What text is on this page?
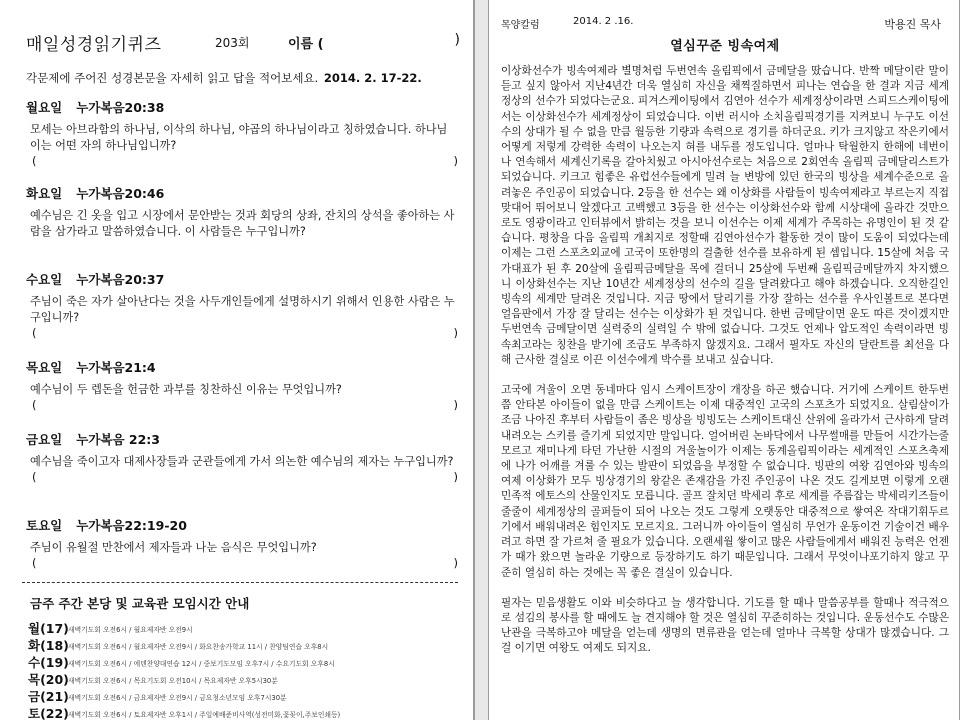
매일성경읽기퀴즈	203회	이름 (	)
각문제에 주어진 성경본문을 자세히 읽고 답을 적어보세요. 2014. 2. 17-22.
월요일 누가복음20:38
모세는 아브라함의 하나님, 이삭의 하나님, 야곱의 하나님이라고 칭하였습니다. 하나님이는 어떤 자의 하나님입니까?
(	)
화요일 누가복음20:46
예수님은 긴 옷을 입고 시장에서 문안받는 것과 회당의 상좌, 잔치의 상석을 좋아하는 사람을 삼가라고 말씀하였습니다. 이 사람들은 누구입니까?
수요일 누가복음20:37
주님이 죽은 자가 살아난다는 것을 사두개인들에게 설명하시기 위해서 인용한 사람은 누구입니까?
(	)
목요일 누가복음21:4
예수님이 두 렙돈을 헌금한 과부를 칭찬하신 이유는 무엇입니까?
(	)
금요일 누가복음 22:3
예수님을 죽이고자 대제사장들과 군관들에게 가서 의논한 예수님의 제자는 누구입니까?
(	)
토요일 누가복음22:19-20
주님이 유월절 만찬에서 제자들과 나눈 음식은 무엇입니까?
(	)
금주 주간 본당 및 교육관 모임시간 안내
월(17)새벽기도회 오전6시 / 월요제자반 오전9시
화(18)새벽기도회 오전6시 / 월요제자반 오전9시 / 화요찬송가학교 11시 / 찬양팀연습 오후8시
수(19)새벽기도회 오전6시 / 에덴찬양대연습 12시 / 중보기도모임 오후7시 / 수요기도회 오후8시
목(20)새벽기도회 오전6시 / 목요기도회 오전10시 / 목요제자반 오후5시30분
금(21)새벽기도회 오전6시 / 금요제자반 오전9시 / 금요청소년모임 오후7시30분
토(22)새벽기도회 오전6시 / 토요제자반 오후1시 / 주일예배준비사역(성전미화,꽃꽂이,주보인쇄등)
목양칼럼	2014. 2 .16.	박용진 목사
열심꾸준 빙속여제

이상화선수가 빙속여제라 별명처럼 두번연속 올림픽에서 금메달을 땄습니다. 반짝 메달이란 말이 듣고 싶지 않아서 지난4년간 더욱 열심히 자신을 채찍질하면서 피나는 연습을 한 결과 지금 세계정상의 선수가 되었다는군요. 피겨스케이팅에서 김연아 선수가 세계정상이라면 스피드스케이팅에서는 이상화선수가 세계정상이 되었습니다. 이번 러시아 소치올림픽경기를 지켜보니 누구도 이선수의 상대가 될 수 없을 만큼 월등한 기량과 속력으로 경기를 하더군요. 키가 크지않고 작은키에서 어떻게 저렇게 강력한 속력이 나오는지 혀를 내두를 정도입니다. 얼마나 탁월한지 한해에 네번이나 연속해서 세계신기록을 갈아치웠고 아시아선수로는 처음으로 2회연속 올림픽 금메달리스트가 되었습니다. 키크고 힘좋은 유럽선수들에게 밀려 늘 변방에 있던 한국의 빙상을 세계수준으로 올려놓은 주인공이 되었습니다. 2등을 한 선수는 왜 이상화를 사람들이 빙속여제라고 부르는지 직접 맞대어 뛰어보니 알겠다고 고백했고 3등을 한 선수는 이상화선수와 함께 시상대에 올라간 것만으로도 영광이라고 인터뷰에서 밝히는 것을 보니 이선수는 이제 세계가 주목하는 유명인이 된 것 같습니다. 평창을 다음 올림픽 개최지로 정할때 김연아선수가 활동한 것이 많이 도움이 되었다는데 이제는 그런 스포츠외교에 고국이 또한명의 걸출한 선수를 보유하게 된 셈입니다. 15살에 처음 국가대표가 된 후 20살에 올림픽금메달을 목에 걸더니 25살에 두번째 올림픽금메달까지 차지했으니 이상화선수는 지난 10년간 세계정상의 선수의 길을 달려왔다고 해야 하겠습니다. 오직한길인 빙속의 세계만 달려온 것입니다. 지금 땅에서 달리기를 가장 잘하는 선수를 우사인볼트로 본다면 얼음판에서 가장 잘 달리는 선수는 이상화가 된 것입니다. 한번 금메달이면 운도 따른 것이겠지만 두번연속 금메달이면 실력중의 실력일 수 밖에 없습니다. 그것도 언제나 압도적인 속력이라면 빙속최고라는 칭찬을 받기에 조금도 부족하지 않겠지요. 그래서 필자도 자신의 달란트를 최선을 다해 근사한 결실로 이끈 이선수에게 박수를 보내고 싶습니다.

고국에 겨울이 오면 동네마다 임시 스케이트장이 개장을 하곤 했습니다. 거기에 스케이트 한두번쯤 안타본 아이들이 없을 만큼 스케이트는 이제 대중적인 고국의 스포츠가 되었지요. 살림살이가 조금 나아진 후부터 사람들이 좀은 빙상을 빙빙도는 스케이트대신 산위에 올라가서 근사하게 달려내려오는 스키를 즐기게 되었지만 말입니다. 얼어버린 논바닥에서 나무썰매를 만들어 시간가는줄 모르고 재미나게 타던 가난한 시절의 겨울놀이가 이제는 동계올림픽이라는 세계적인 스포츠축제에 나가 어깨를 겨룰 수 있는 발판이 되었음을 부정할 수 없습니다. 빙판의 여왕 김연아와 빙속의 여제 이상화가 모두 빙상경기의 왕같은 존재감을 가진 주인공이 나온 것도 길게보면 이렇게 오랜 민족적 에토스의 산물인지도 모릅니다. 골프 잘치던 박세리 후로 세계를 주름잡는 박세리키즈들이 줄줄이 세계정상의 골퍼들이 되어 나오는 것도 그렇게 오랫동안 대중적으로 쌓여온 작대기휘두르기에서 배워내려온 힘인지도 모르지요. 그러니까 아이들이 열심히 무언가 운동이건 기술이건 배우려고 하면 잘 가르쳐 줄 필요가 있습니다. 오랜세월 쌓이고 많은 사람들에게서 배워진 능력은 언젠가 때가 왔으면 놀라운 기량으로 등장하기도 하기 때문입니다. 그래서 무엇이나포기하지 않고 꾸준히 열심히 하는 것에는 꼭 좋은 결실이 있습니다.

필자는 믿음생활도 이와 비슷하다고 늘 생각합니다. 기도를 할 때나 말씀공부를 할때나 적극적으로 섬김의 봉사를 할 때에도 늘 견지해야 할 것은 열심히 꾸준히하는 것입니다. 운동선수도 수많은 난관을 극복하고야 메달을 얻는데 생명의 면류관을 얻는데 얼마나 극복할 상대가 많겠습니다. 그걸 이기면 여왕도 여제도 되지요.
